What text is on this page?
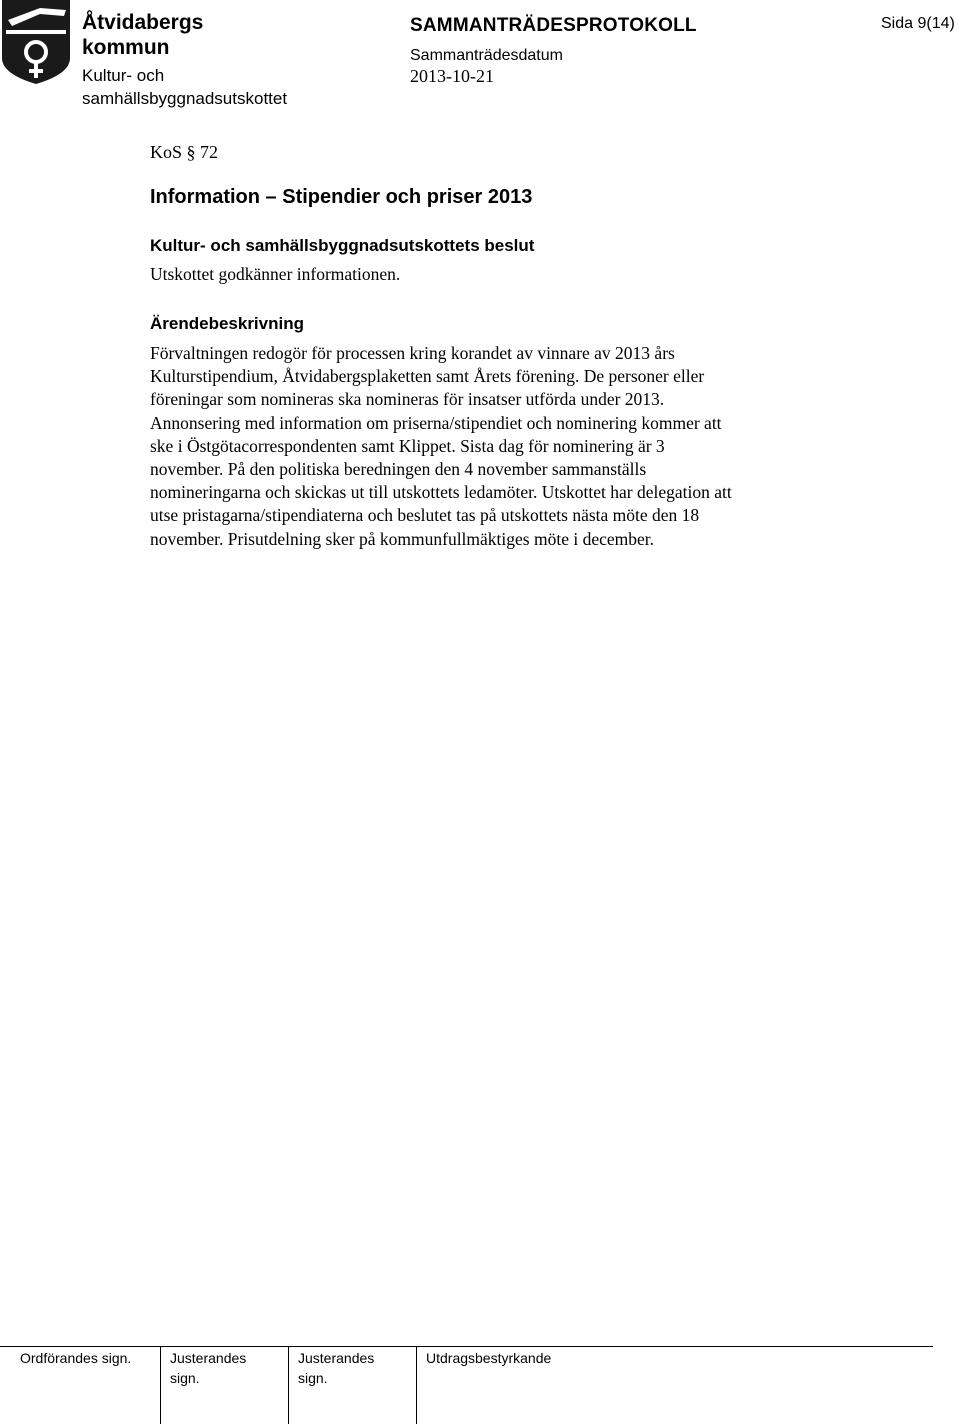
Åtvidabergs
kommun
Kultur- och
samhällsbyggnadsutskottet
SAMMANTRÄDESPROTOKOLL
Sammanträdesdatum
2013-10-21
Sida 9(14)
KoS § 72
Information – Stipendier och priser 2013
Kultur- och samhällsbyggnadsutskottets beslut
Utskottet godkänner informationen.
Ärendebeskrivning
Förvaltningen redogör för processen kring korandet av vinnare av 2013 års
Kulturstipendium, Åtvidabergsplaketten samt Årets förening. De personer eller
föreningar som nomineras ska nomineras för insatser utförda under 2013.
Annonsering med information om priserna/stipendiet och nominering kommer att
ske i Östgötacorrespondenten samt Klippet. Sista dag för nominering är 3
november. På den politiska beredningen den 4 november sammanställs
nomineringarna och skickas ut till utskottets ledamöter. Utskottet har delegation att
utse pristagarna/stipendiaterna och beslutet tas på utskottets nästa möte den 18
november. Prisutdelning sker på kommunfullmäktiges möte i december.
Ordförandes sign.	Justerandes
sign.
Justerandes
sign.
Utdragsbestyrkande
